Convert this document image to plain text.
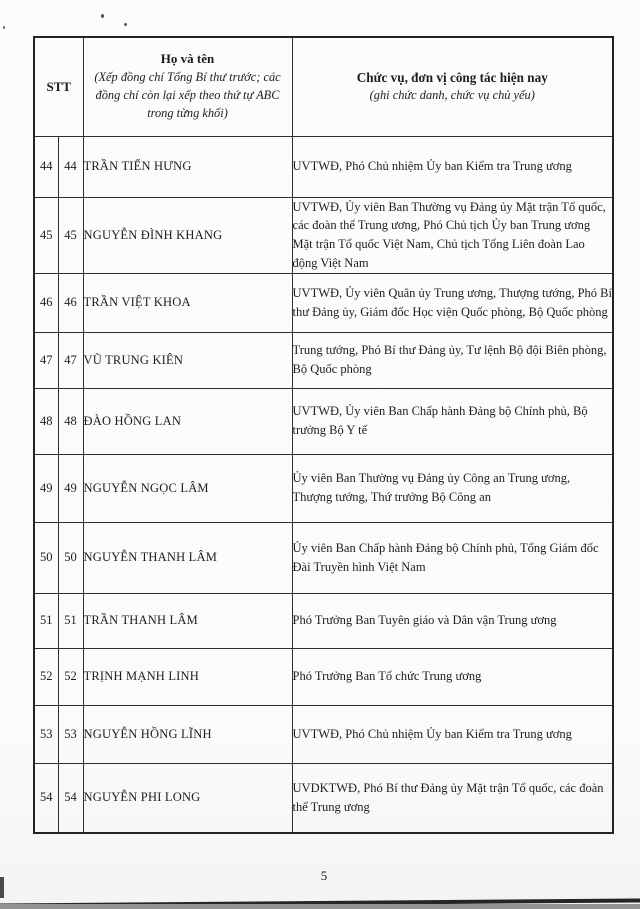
STT

Họ và tên
(Xếp đồng chí Tổng Bí thư trước; các đồng chí còn lại xếp theo thứ tự ABC trong từng khối)

Chức vụ, đơn vị công tác hiện nay
(ghi chức danh, chức vụ chủ yếu)

44	44	TRẦN TIẾN HƯNG	UVTWĐ, Phó Chủ nhiệm Ủy ban Kiểm tra Trung ương
45	45	NGUYỄN ĐÌNH KHANG	UVTWĐ, Ủy viên Ban Thường vụ Đảng ủy Mặt trận Tổ quốc, các đoàn thể Trung ương, Phó Chủ tịch Ủy ban Trung ương Mặt trận Tổ quốc Việt Nam, Chủ tịch Tổng Liên đoàn Lao động Việt Nam
46	46	TRẦN VIỆT KHOA	UVTWĐ, Ủy viên Quân ủy Trung ương, Thượng tướng, Phó Bí thư Đảng ủy, Giám đốc Học viện Quốc phòng, Bộ Quốc phòng
47	47	VŨ TRUNG KIÊN	Trung tướng, Phó Bí thư Đảng ủy, Tư lệnh Bộ đội Biên phòng, Bộ Quốc phòng
48	48	ĐÀO HỒNG LAN	UVTWĐ, Ủy viên Ban Chấp hành Đảng bộ Chính phủ, Bộ trưởng Bộ Y tế
49	49	NGUYỄN NGỌC LÂM	Ủy viên Ban Thường vụ Đảng ủy Công an Trung ương, Thượng tướng, Thứ trưởng Bộ Công an
50	50	NGUYỄN THANH LÂM	Ủy viên Ban Chấp hành Đảng bộ Chính phủ, Tổng Giám đốc Đài Truyền hình Việt Nam
51	51	TRẦN THANH LÂM	Phó Trưởng Ban Tuyên giáo và Dân vận Trung ương
52	52	TRỊNH MẠNH LINH	Phó Trưởng Ban Tổ chức Trung ương
53	53	NGUYỄN HỒNG LĨNH	UVTWĐ, Phó Chủ nhiệm Ủy ban Kiểm tra Trung ương
54	54	NGUYỄN PHI LONG	UVDKTWĐ, Phó Bí thư Đảng ủy Mặt trận Tổ quốc, các đoàn thể Trung ương
5
